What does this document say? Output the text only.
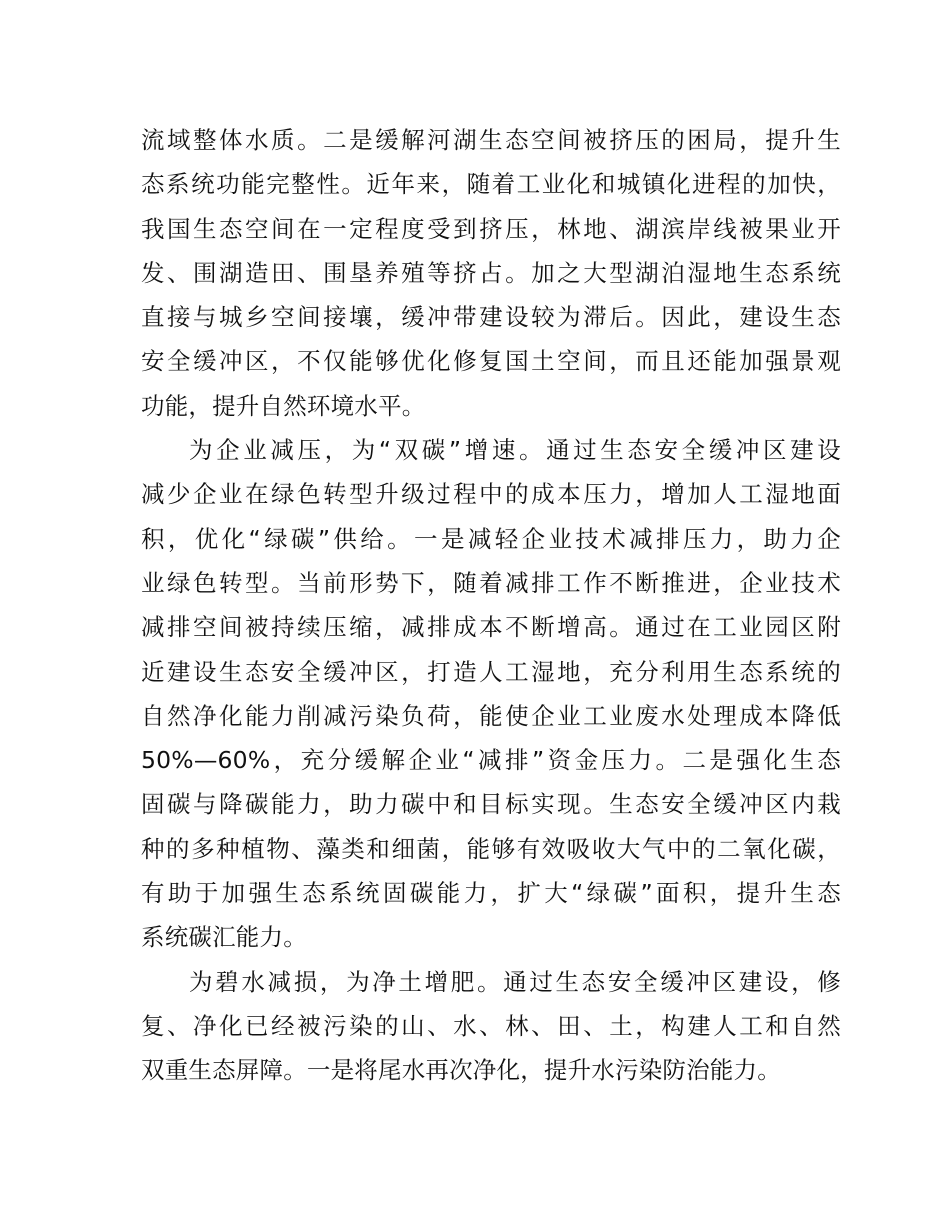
流域整体水质。二是缓解河湖生态空间被挤压的困局，提升生
态系统功能完整性。近年来，随着工业化和城镇化进程的加快，
我国生态空间在一定程度受到挤压，林地、湖滨岸线被果业开
发、围湖造田、围垦养殖等挤占。加之大型湖泊湿地生态系统
直接与城乡空间接壤，缓冲带建设较为滞后。因此，建设生态
安全缓冲区，不仅能够优化修复国土空间，而且还能加强景观
功能，提升自然环境水平。
为企业减压，为“双碳”增速。通过生态安全缓冲区建设
减少企业在绿色转型升级过程中的成本压力，增加人工湿地面
积，优化“绿碳”供给。一是减轻企业技术减排压力，助力企
业绿色转型。当前形势下，随着减排工作不断推进，企业技术
减排空间被持续压缩，减排成本不断增高。通过在工业园区附
近建设生态安全缓冲区，打造人工湿地，充分利用生态系统的
自然净化能力削减污染负荷，能使企业工业废水处理成本降低
50%—60%，充分缓解企业“减排”资金压力。二是强化生态
固碳与降碳能力，助力碳中和目标实现。生态安全缓冲区内栽
种的多种植物、藻类和细菌，能够有效吸收大气中的二氧化碳，
有助于加强生态系统固碳能力，扩大“绿碳”面积，提升生态
系统碳汇能力。
为碧水减损，为净土增肥。通过生态安全缓冲区建设，修
复、净化已经被污染的山、水、林、田、土，构建人工和自然
双重生态屏障。一是将尾水再次净化，提升水污染防治能力。
